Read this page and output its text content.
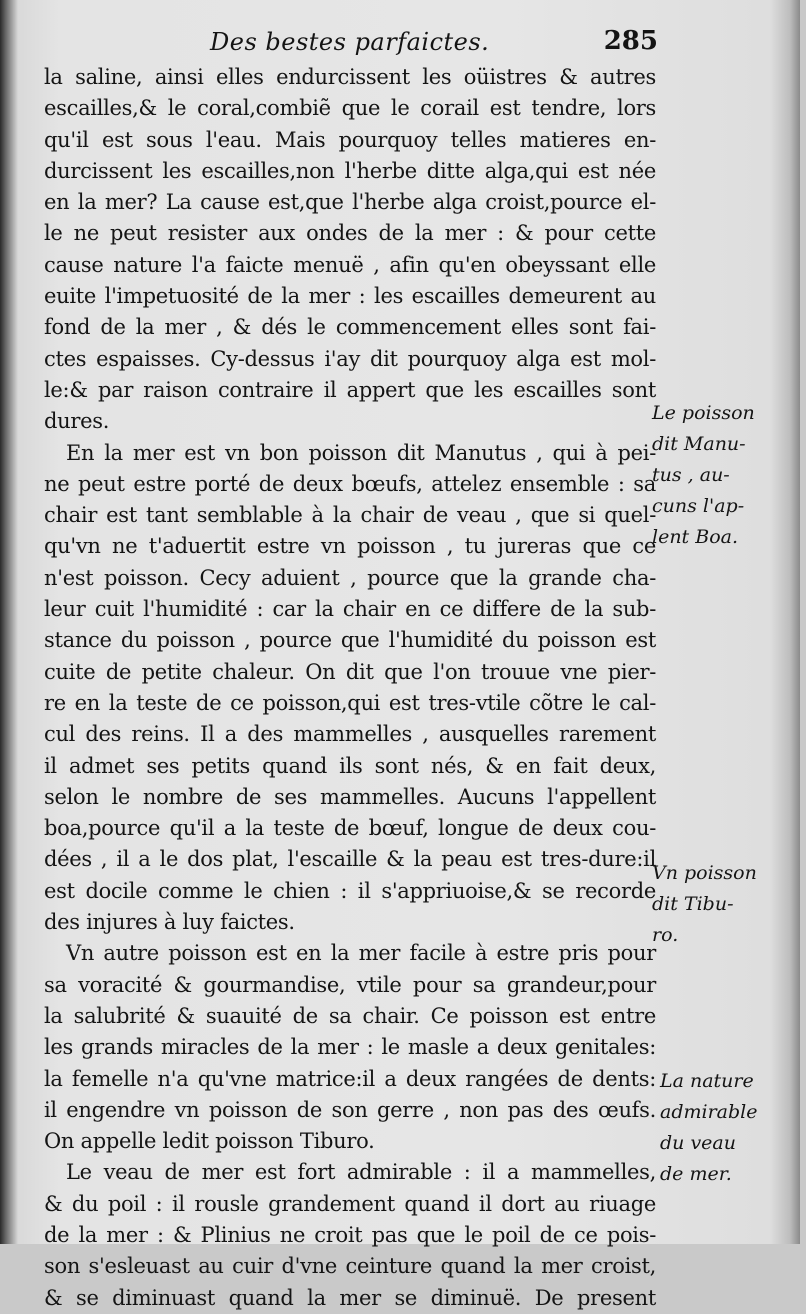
Des bestes parfaictes.	285
la saline, ainsi elles endurcissent les oüistres & autres
escailles,& le coral,combiẽ que le corail est tendre, lors
qu'il est sous l'eau. Mais pourquoy telles matieres en-
durcissent les escailles,non l'herbe ditte alga,qui est née
en la mer? La cause est,que l'herbe alga croist,pource el-
le ne peut resister aux ondes de la mer : & pour cette
cause nature l'a faicte menuë , afin qu'en obeyssant elle
euite l'impetuosité de la mer : les escailles demeurent au
fond de la mer , & dés le commencement elles sont fai-
ctes espaisses. Cy-dessus i'ay dit pourquoy alga est mol-
le:& par raison contraire il appert que les escailles sont
dures.
En la mer est vn bon poisson dit Manutus , qui à pei-
ne peut estre porté de deux bœufs, attelez ensemble : sa
chair est tant semblable à la chair de veau , que si quel-
qu'vn ne t'aduertit estre vn poisson , tu jureras que ce
n'est poisson. Cecy aduient , pource que la grande cha-
leur cuit l'humidité : car la chair en ce differe de la sub-
stance du poisson , pource que l'humidité du poisson est
cuite de petite chaleur. On dit que l'on trouue vne pier-
re en la teste de ce poisson,qui est tres-vtile cõtre le cal-
cul des reins. Il a des mammelles , ausquelles rarement
il admet ses petits quand ils sont nés, & en fait deux,
selon le nombre de ses mammelles. Aucuns l'appellent
boa,pource qu'il a la teste de bœuf, longue de deux cou-
dées , il a le dos plat, l'escaille & la peau est tres-dure:il
est docile comme le chien : il s'appriuoise,& se recorde
des injures à luy faictes.
Vn autre poisson est en la mer facile à estre pris pour
sa voracité & gourmandise, vtile pour sa grandeur,pour
la salubrité & suauité de sa chair. Ce poisson est entre
les grands miracles de la mer : le masle a deux genitales:
la femelle n'a qu'vne matrice:il a deux rangées de dents:
il engendre vn poisson de son gerre , non pas des œufs.
On appelle ledit poisson Tiburo.
Le veau de mer est fort admirable : il a mammelles,
& du poil : il rousle grandement quand il dort au riuage
de la mer : & Plinius ne croit pas que le poil de ce pois-
son s'esleuast au cuir d'vne ceinture quand la mer croist,
& se diminuast quand la mer se diminuë. De present
Le poisson
dit Manu-
tus , au-
cuns l'ap-
lent Boa.
Vn poisson
dit Tibu-
ro.
La nature
admirable
du veau
de mer.
